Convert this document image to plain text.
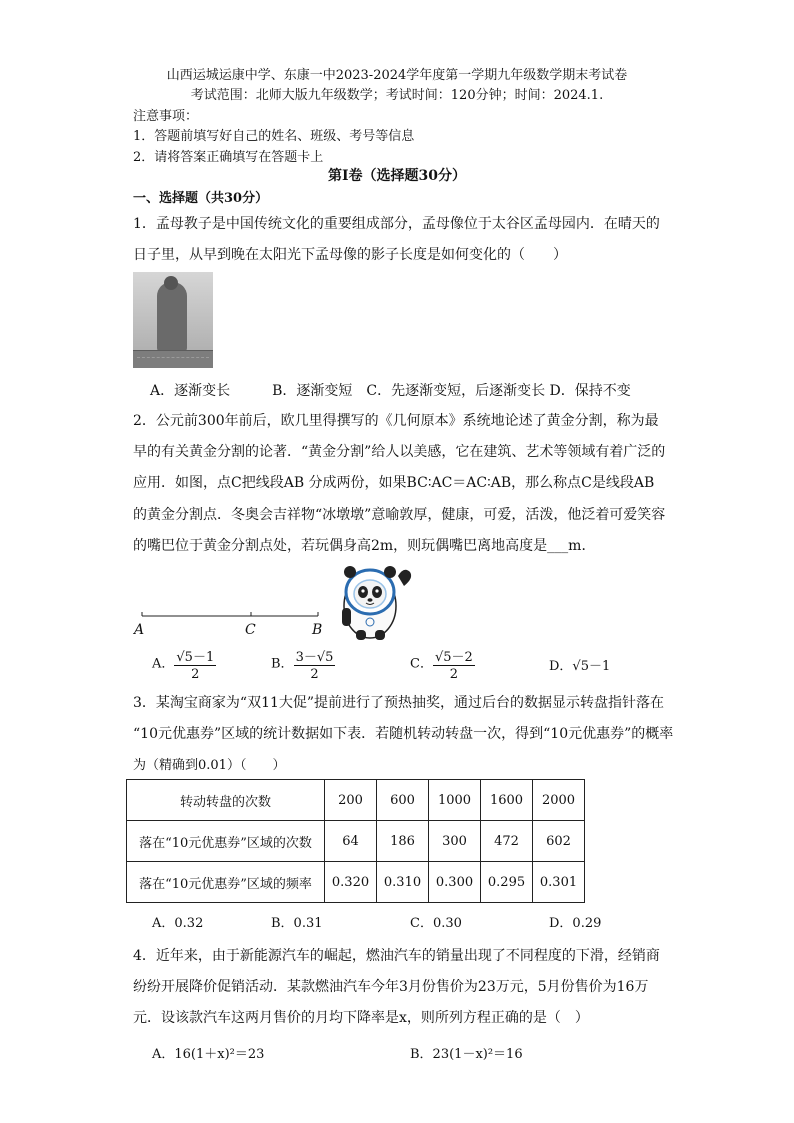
山西运城运康中学、东康一中2023-2024学年度第一学期九年级数学期末考试卷
考试范围：北师大版九年级数学；考试时间：120分钟；时间：2024.1.
注意事项：
1．答题前填写好自己的姓名、班级、考号等信息
2．请将答案正确填写在答题卡上
第I卷（选择题30分）
一、选择题（共30分）
1．孟母教子是中国传统文化的重要组成部分，孟母像位于太谷区孟母园内．在晴天的
日子里，从早到晚在太阳光下孟母像的影子长度是如何变化的（　　）
A．逐渐变长　　　B．逐渐变短　C．先逐渐变短，后逐渐变长 D．保持不变
2．公元前300年前后，欧几里得撰写的《几何原本》系统地论述了黄金分割，称为最
早的有关黄金分割的论著．“黄金分割”给人以美感，它在建筑、艺术等领域有着广泛的
应用．如图，点C把线段AB 分成两份，如果BC∶AC＝AC∶AB，那么称点C是线段AB
的黄金分割点．冬奥会吉祥物“冰墩墩”意喻敦厚，健康，可爱，活泼，他泛着可爱笑容
的嘴巴位于黄金分割点处，若玩偶身高2m，则玩偶嘴巴离地高度是___m．
A	C	B
A． $\frac{√5-1}{2}$	B． $\frac{3-√5}{2}$	C． $\frac{√5-2}{2}$	D．√5－1
3．某淘宝商家为“双11大促”提前进行了预热抽奖，通过后台的数据显示转盘指针落在
“10元优惠券”区域的统计数据如下表．若随机转动转盘一次，得到“10元优惠券”的概率
为（精确到0.01）（　　）
转动转盘的次数	200	600	1000	1600	2000
落在“10元优惠券”区域的次数	64	186	300	472	602
落在“10元优惠券”区域的频率	0.320	0.310	0.300	0.295	0.301
A．0.32	B．0.31	C．0.30	D．0.29
4．近年来，由于新能源汽车的崛起，燃油汽车的销量出现了不同程度的下滑，经销商
纷纷开展降价促销活动．某款燃油汽车今年3月份售价为23万元，5月份售价为16万
元．设该款汽车这两月售价的月均下降率是x，则所列方程正确的是（　）
A．16(1＋x)²＝23	B．23(1－x)²＝16
